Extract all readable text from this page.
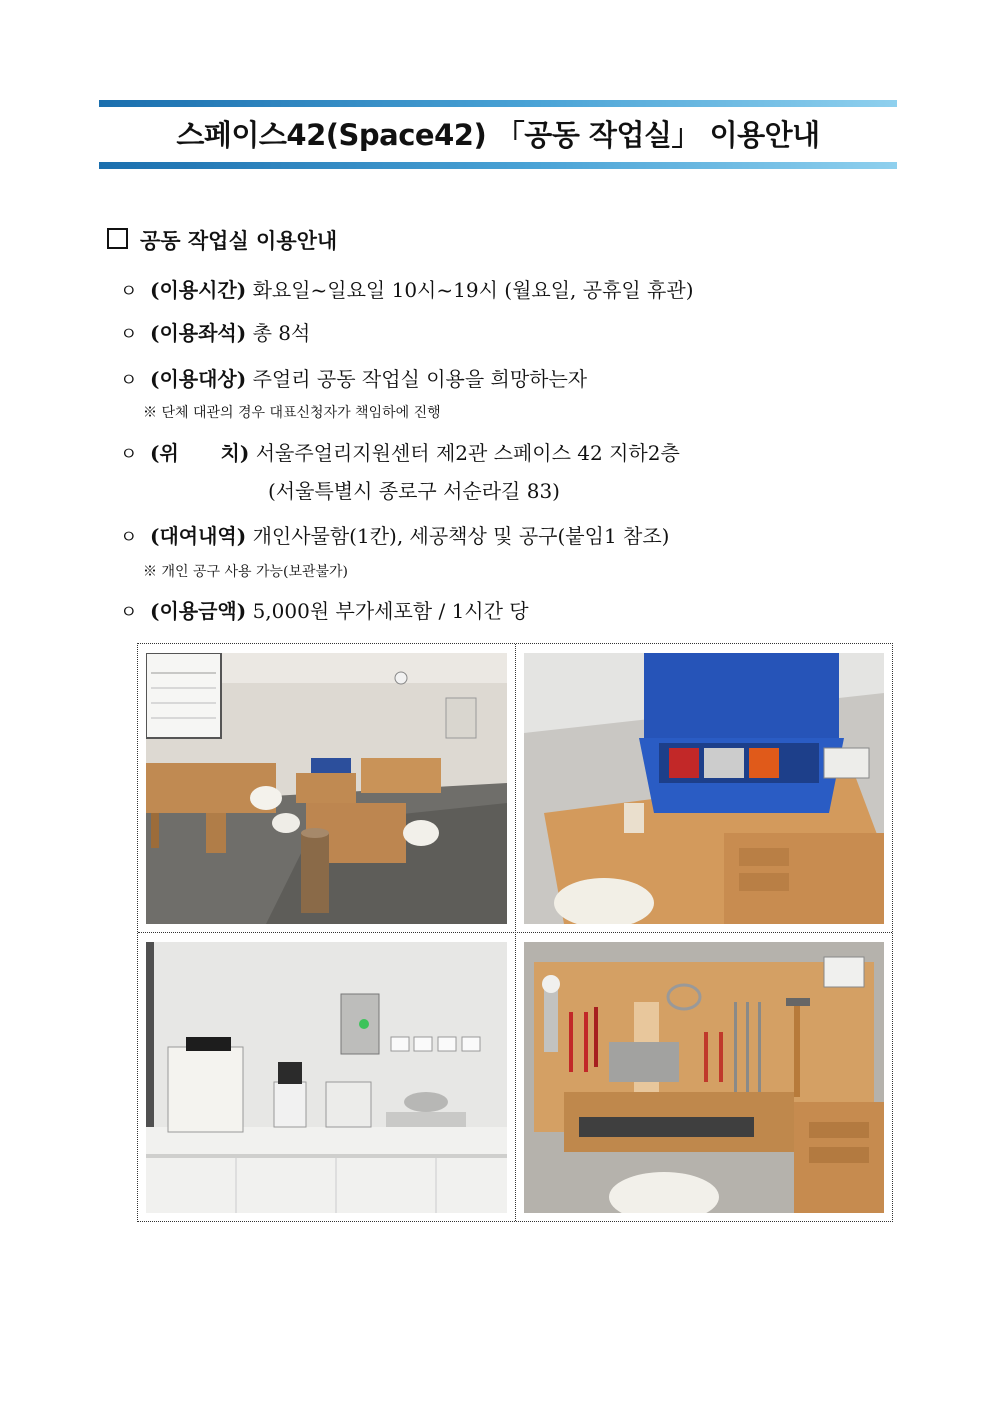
스페이스42(Space42) 「공동 작업실」 이용안내
공동 작업실 이용안내
ㅇ (이용시간) 화요일~일요일 10시~19시 (월요일, 공휴일 휴관)
ㅇ (이용좌석) 총 8석
ㅇ (이용대상) 주얼리 공동 작업실 이용을 희망하는자
※ 단체 대관의 경우 대표신청자가 책임하에 진행
ㅇ (위      치) 서울주얼리지원센터 제2관 스페이스 42 지하2층
(서울특별시 종로구 서순라길 83)
ㅇ (대여내역) 개인사물함(1칸), 세공책상 및 공구(붙임1 참조)
※ 개인 공구 사용 가능(보관불가)
ㅇ (이용금액) 5,000원 부가세포함 / 1시간 당
